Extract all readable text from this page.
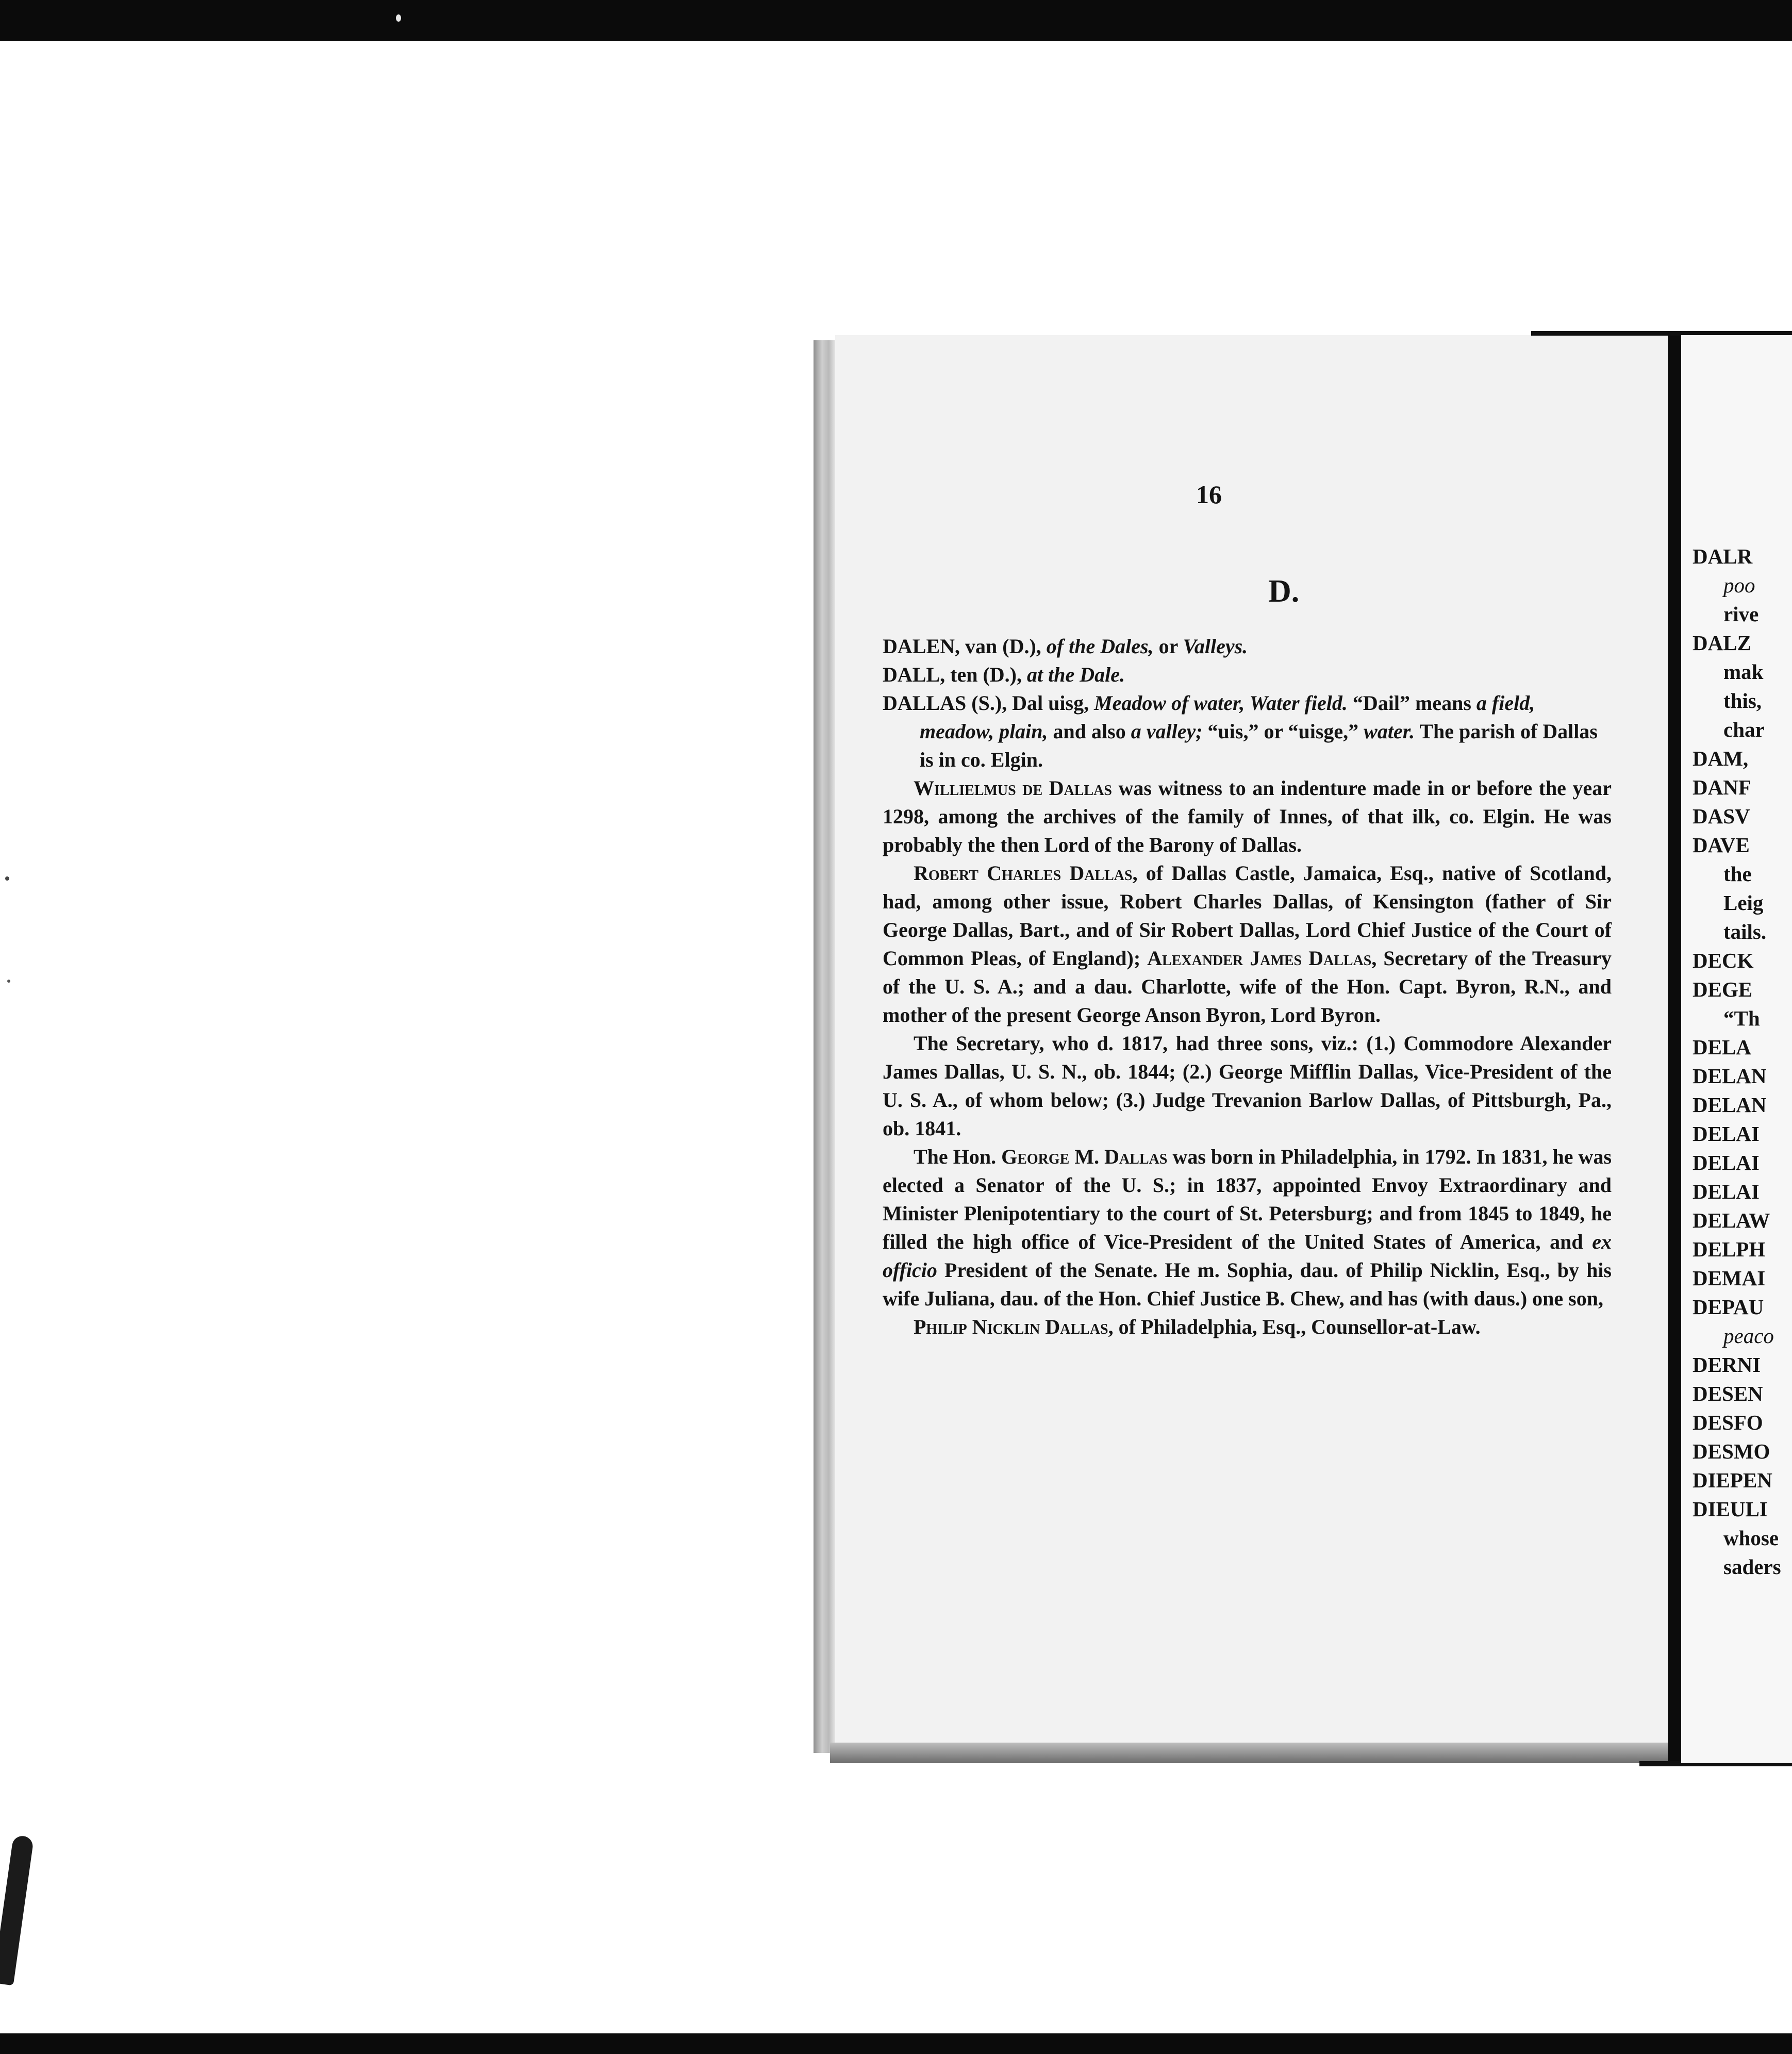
16
D.

DALEN, van (D.), of the Dales, or Valleys.

DALL, ten (D.), at the Dale.

DALLAS (S.), Dal uisg, Meadow of water, Water field. “Dail” means a field, meadow, plain, and also a valley; “uis,” or “uisge,” water. The parish of Dallas is in co. Elgin.

Willielmus de Dallas was witness to an indenture made in or before the year 1298, among the archives of the family of Innes, of that ilk, co. Elgin. He was probably the then Lord of the Barony of Dallas.

Robert Charles Dallas, of Dallas Castle, Jamaica, Esq., native of Scotland, had, among other issue, Robert Charles Dallas, of Kensington (father of Sir George Dallas, Bart., and of Sir Robert Dallas, Lord Chief Justice of the Court of Common Pleas, of England); Alexander James Dallas, Secretary of the Treasury of the U. S. A.; and a dau. Charlotte, wife of the Hon. Capt. Byron, R.N., and mother of the present George Anson Byron, Lord Byron.

The Secretary, who d. 1817, had three sons, viz.: (1.) Commodore Alexander James Dallas, U. S. N., ob. 1844; (2.) George Mifflin Dallas, Vice-President of the U. S. A., of whom below; (3.) Judge Trevanion Barlow Dallas, of Pittsburgh, Pa., ob. 1841.

The Hon. George M. Dallas was born in Philadelphia, in 1792. In 1831, he was elected a Senator of the U. S.; in 1837, appointed Envoy Extraordinary and Minister Plenipotentiary to the court of St. Petersburg; and from 1845 to 1849, he filled the high office of Vice-President of the United States of America, and ex officio President of the Senate. He m. Sophia, dau. of Philip Nicklin, Esq., by his wife Juliana, dau. of the Hon. Chief Justice B. Chew, and has (with daus.) one son,

Philip Nicklin Dallas, of Philadelphia, Esq., Counsellor-at-Law.

DALR
poo
rive
DALZ
mak
this,
char
DAM,
DANF
DASV
DAVE
the
Leig
tails.
DECK
DEGE
“Th
DELA
DELAN
DELAN
DELAI
DELAI
DELAI
DELAW
DELPH
DEMAI
DEPAU
peaco
DERNI
DESEN
DESFO
DESMO
DIEPEN
DIEULI
whose
saders
